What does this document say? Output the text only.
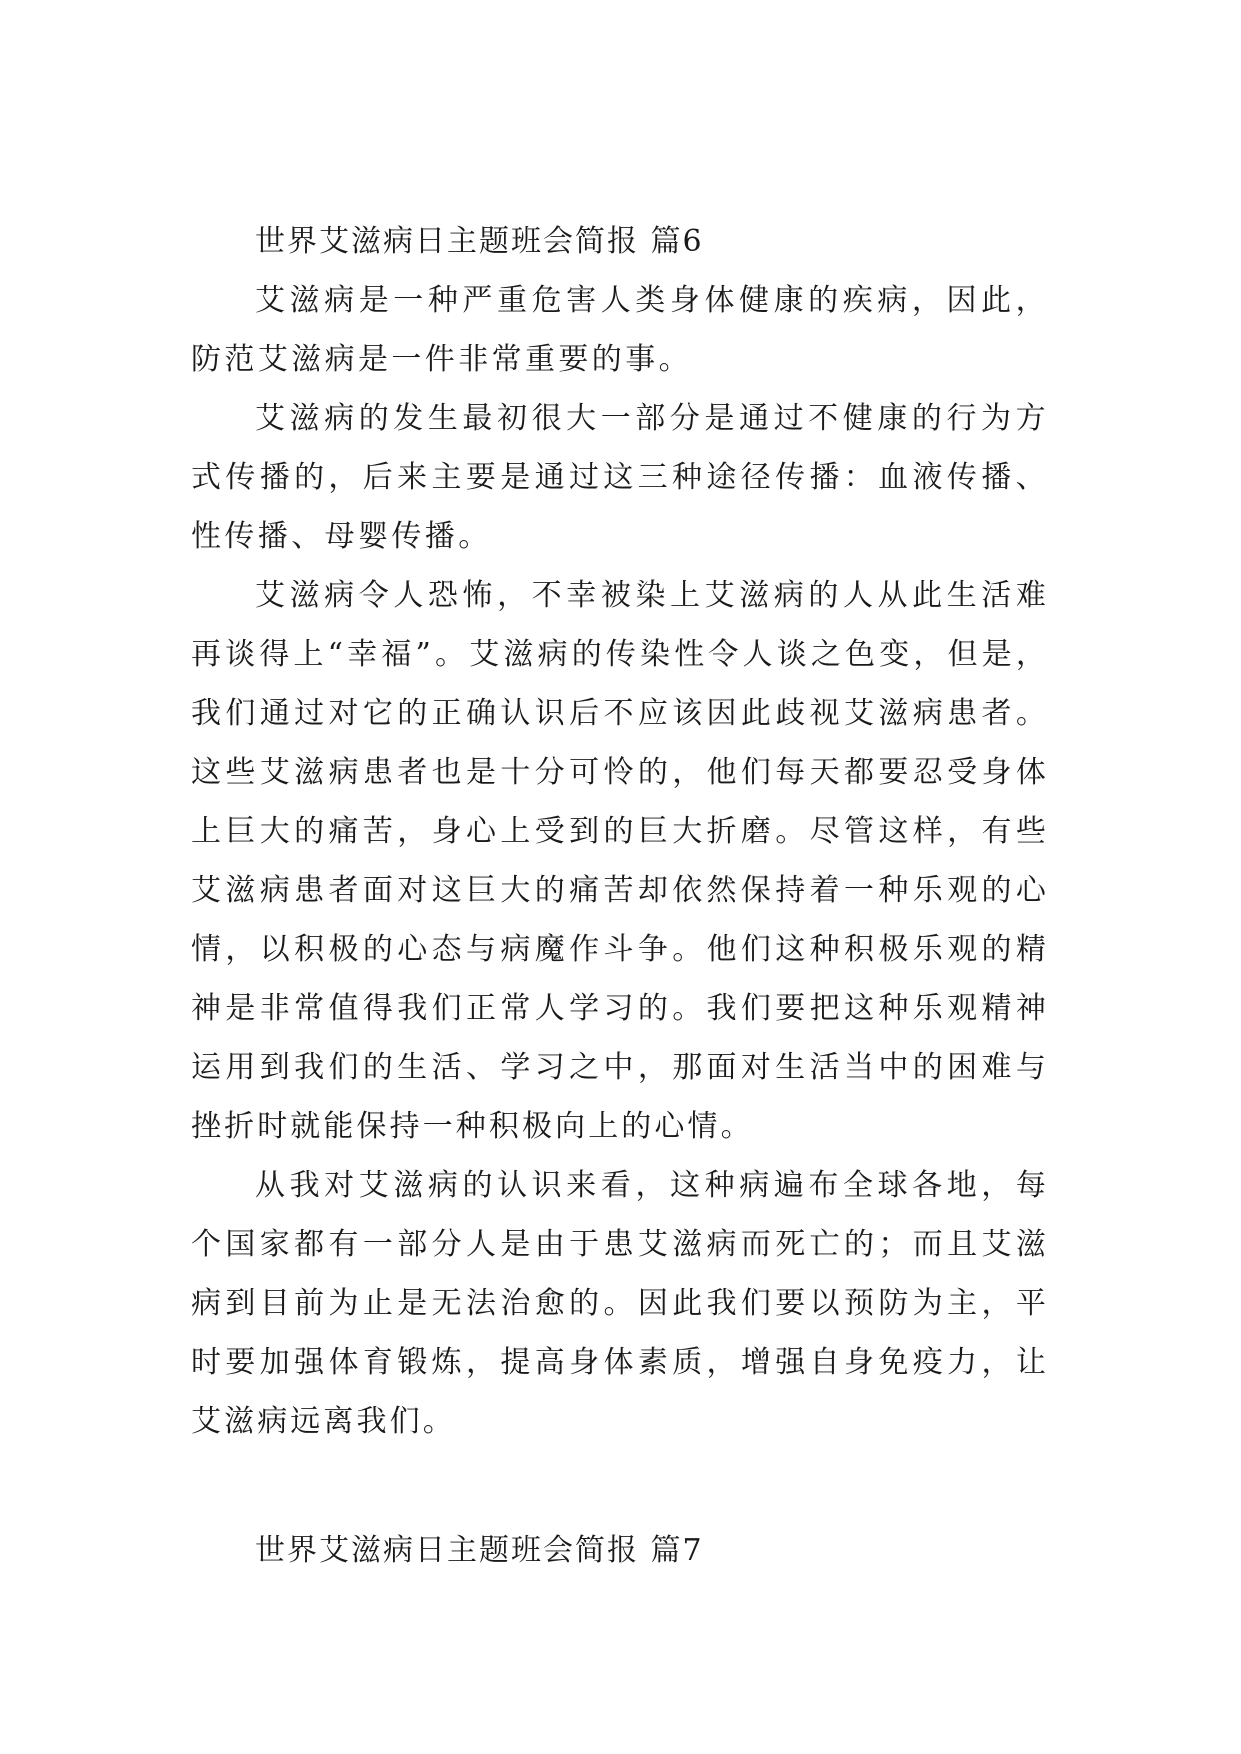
世界艾滋病日主题班会简报 篇6

艾滋病是一种严重危害人类身体健康的疾病，因此，防范艾滋病是一件非常重要的事。

艾滋病的发生最初很大一部分是通过不健康的行为方式传播的，后来主要是通过这三种途径传播：血液传播、性传播、母婴传播。

艾滋病令人恐怖，不幸被染上艾滋病的人从此生活难再谈得上“幸福”。艾滋病的传染性令人谈之色变，但是，我们通过对它的正确认识后不应该因此歧视艾滋病患者。这些艾滋病患者也是十分可怜的，他们每天都要忍受身体上巨大的痛苦，身心上受到的巨大折磨。尽管这样，有些艾滋病患者面对这巨大的痛苦却依然保持着一种乐观的心情，以积极的心态与病魔作斗争。他们这种积极乐观的精神是非常值得我们正常人学习的。我们要把这种乐观精神运用到我们的生活、学习之中，那面对生活当中的困难与挫折时就能保持一种积极向上的心情。

从我对艾滋病的认识来看，这种病遍布全球各地，每个国家都有一部分人是由于患艾滋病而死亡的；而且艾滋病到目前为止是无法治愈的。因此我们要以预防为主，平时要加强体育锻炼，提高身体素质，增强自身免疫力，让艾滋病远离我们。

世界艾滋病日主题班会简报 篇7
